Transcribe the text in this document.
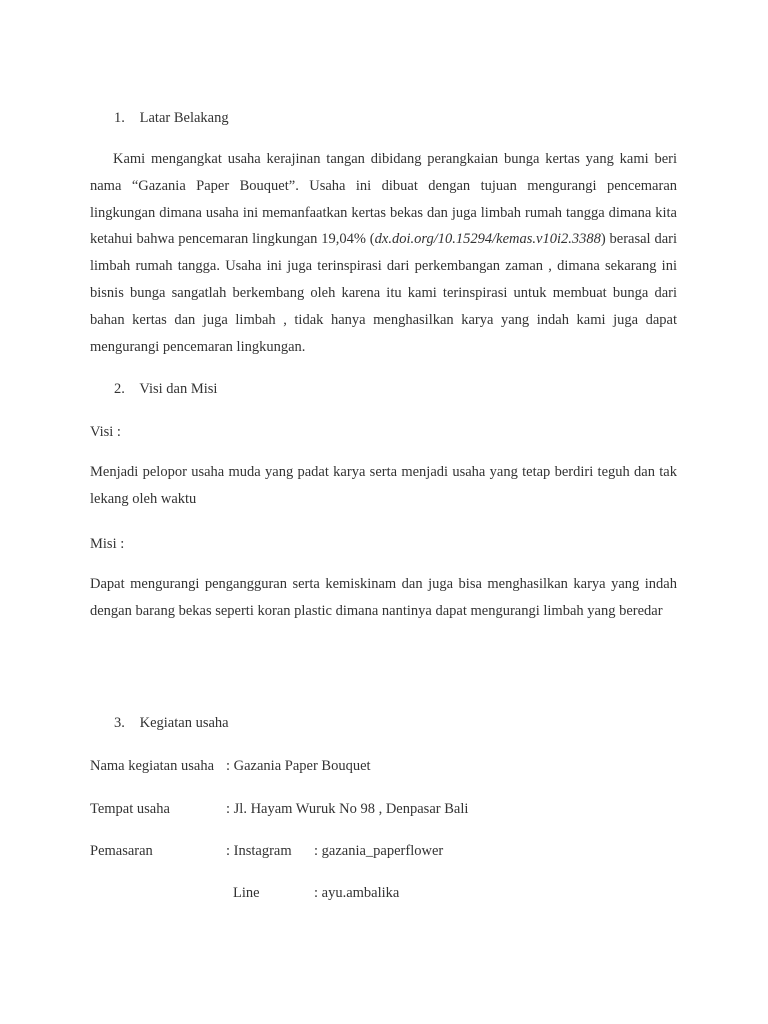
1. Latar Belakang

Kami mengangkat usaha kerajinan tangan dibidang perangkaian bunga kertas yang kami beri nama “Gazania Paper Bouquet”. Usaha ini dibuat dengan tujuan mengurangi pencemaran lingkungan dimana usaha ini memanfaatkan kertas bekas dan juga limbah rumah tangga dimana kita ketahui bahwa pencemaran lingkungan 19,04% (dx.doi.org/10.15294/kemas.v10i2.3388) berasal dari limbah rumah tangga. Usaha ini juga terinspirasi dari perkembangan zaman , dimana sekarang ini bisnis bunga sangatlah berkembang oleh karena itu kami terinspirasi untuk membuat bunga dari bahan kertas dan juga limbah , tidak hanya menghasilkan karya yang indah kami juga dapat mengurangi pencemaran lingkungan.

2. Visi dan Misi
Visi :

Menjadi pelopor usaha muda yang padat karya serta menjadi usaha yang tetap berdiri teguh dan tak lekang oleh waktu

Misi :

Dapat mengurangi pengangguran serta kemiskinam dan juga bisa menghasilkan karya yang indah dengan barang bekas seperti koran plastic dimana nantinya dapat mengurangi limbah yang beredar

3. Kegiatan usaha
Nama kegiatan usaha : Gazania Paper Bouquet
Tempat usaha	: Jl. Hayam Wuruk No 98 , Denpasar Bali
Pemasaran	: Instagram : gazania_paperflower
Line	: ayu.ambalika
